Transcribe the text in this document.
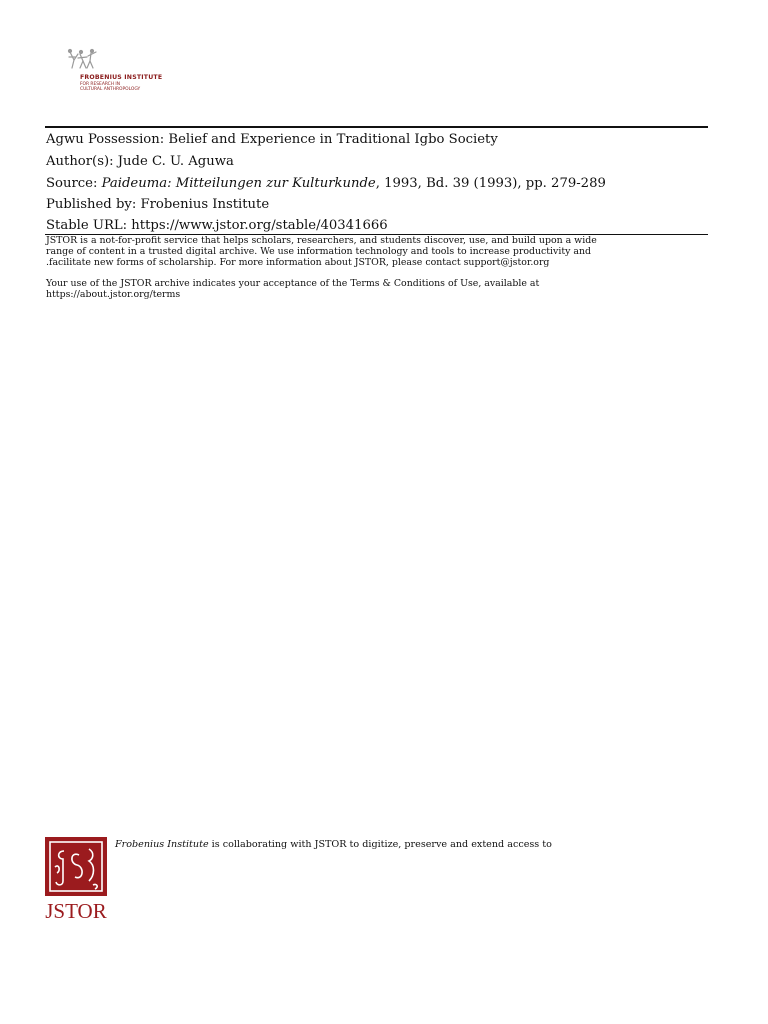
FROBENIUS INSTITUTE
FOR RESEARCH IN
CULTURAL ANTHROPOLOGY
Agwu Possession: Belief and Experience in Traditional Igbo Society
Author(s): Jude C. U. Aguwa
Source: Paideuma: Mitteilungen zur Kulturkunde, 1993, Bd. 39 (1993), pp. 279-289
Published by: Frobenius Institute
Stable URL: https://www.jstor.org/stable/40341666

JSTOR is a not-for-profit service that helps scholars, researchers, and students discover, use, and build upon a wide

range of content in a trusted digital archive. We use information technology and tools to increase productivity and

.facilitate new forms of scholarship. For more information about JSTOR, please contact support@jstor.org

Your use of the JSTOR archive indicates your acceptance of the Terms & Conditions of Use, available at

https://about.jstor.org/terms

JSTOR
Frobenius Institute is collaborating with JSTOR to digitize, preserve and extend access to
